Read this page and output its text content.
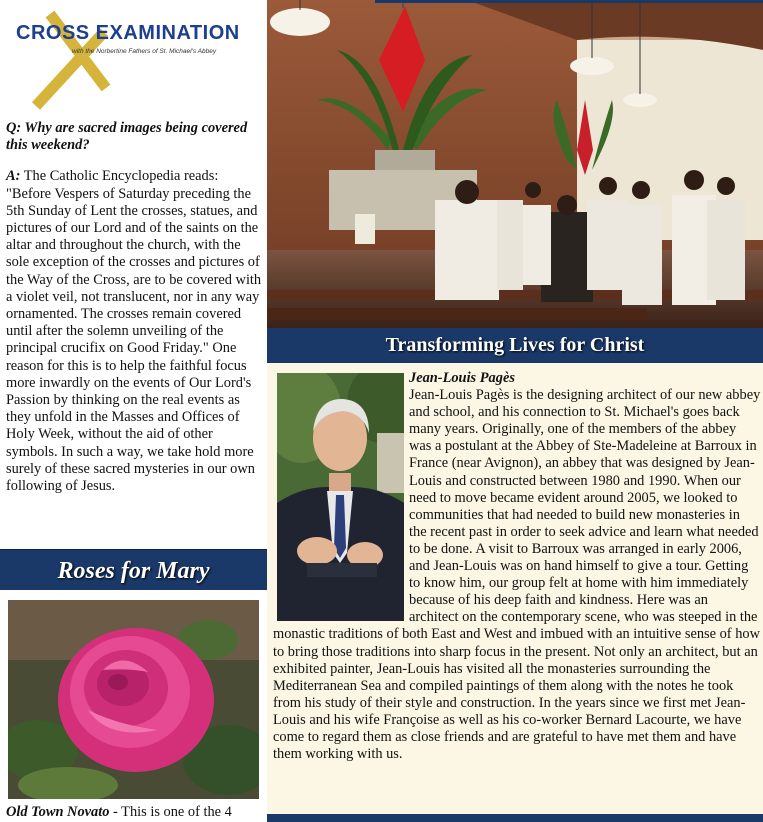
CROSS EXAMINATION
with the Norbertine Fathers of St. Michael's Abbey

Q: Why are sacred images being covered this weekend?

A: The Catholic Encyclopedia reads: "Before Vespers of Saturday preceding the 5th Sunday of Lent the crosses, statues, and pictures of our Lord and of the saints on the altar and throughout the church, with the sole exception of the crosses and pictures of the Way of the Cross, are to be covered with a violet veil, not translucent, nor in any way ornamented. The crosses remain covered until after the solemn unveiling of the principal crucifix on Good Friday." One reason for this is to help the faithful focus more inwardly on the events of Our Lord's Passion by thinking on the real events as they unfold in the Masses and Offices of Holy Week, without the aid of other symbols. In such a way, we take hold more surely of these sacred mysteries in our own following of Jesus.

Roses for Mary
Old Town Novato - This is one of the 4
Transforming Lives for Christ
Jean-Louis Pagès
Jean-Louis Pagès is the designing architect of our new abbey and school, and his connection to St. Michael's goes back many years. Originally, one of the members of the abbey was a postulant at the Abbey of Ste-Madeleine at Barroux in France (near Avignon), an abbey that was designed by Jean-Louis and constructed between 1980 and 1990. When our need to move became evident around 2005, we looked to communities that had needed to build new monasteries in the recent past in order to seek advice and learn what needed to be done. A visit to Barroux was arranged in early 2006, and Jean-Louis was on hand himself to give a tour. Getting to know him, our group felt at home with him immediately because of his deep faith and kindness. Here was an architect on the contemporary scene, who was steeped in the monastic traditions of both East and West and imbued with an intuitive sense of how to bring those traditions into sharp focus in the present. Not only an architect, but an exhibited painter, Jean-Louis has visited all the monasteries surrounding the Mediterranean Sea and compiled paintings of them along with the notes he took from his study of their style and construction. In the years since we first met Jean-Louis and his wife Françoise as well as his co-worker Bernard Lacourte, we have come to regard them as close friends and are grateful to have met them and have them working with us.
